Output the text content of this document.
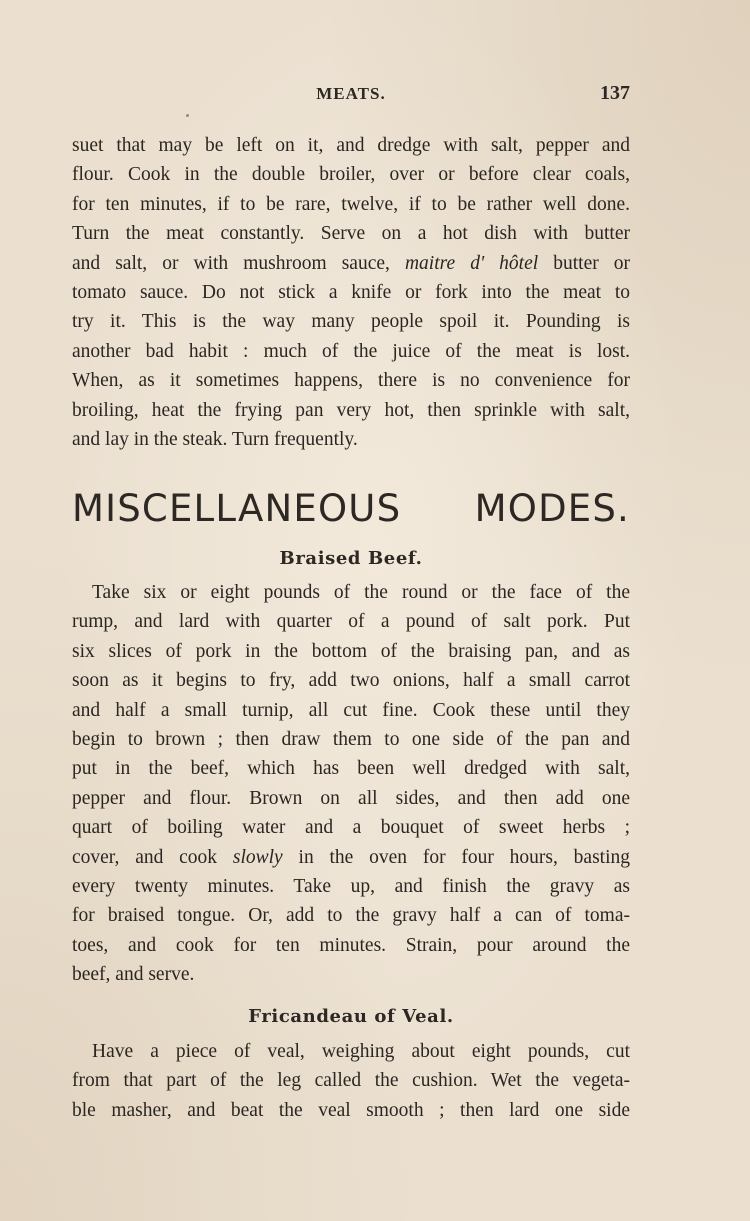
MEATS.	137
suet that may be left on it, and dredge with salt, pepper and
flour. Cook in the double broiler, over or before clear coals,
for ten minutes, if to be rare, twelve, if to be rather well done.
Turn the meat constantly. Serve on a hot dish with butter
and salt, or with mushroom sauce, maitre d' hôtel butter or
tomato sauce. Do not stick a knife or fork into the meat to
try it. This is the way many people spoil it. Pounding is
another bad habit : much of the juice of the meat is lost.
When, as it sometimes happens, there is no convenience for
broiling, heat the frying pan very hot, then sprinkle with salt,
and lay in the steak. Turn frequently.
MISCELLANEOUS MODES.
Braised Beef.
Take six or eight pounds of the round or the face of the
rump, and lard with quarter of a pound of salt pork. Put
six slices of pork in the bottom of the braising pan, and as
soon as it begins to fry, add two onions, half a small carrot
and half a small turnip, all cut fine. Cook these until they
begin to brown ; then draw them to one side of the pan and
put in the beef, which has been well dredged with salt,
pepper and flour. Brown on all sides, and then add one
quart of boiling water and a bouquet of sweet herbs ;
cover, and cook slowly in the oven for four hours, basting
every twenty minutes. Take up, and finish the gravy as
for braised tongue. Or, add to the gravy half a can of toma-
toes, and cook for ten minutes. Strain, pour around the
beef, and serve.
Fricandeau of Veal.
Have a piece of veal, weighing about eight pounds, cut
from that part of the leg called the cushion. Wet the vegeta-
ble masher, and beat the veal smooth ; then lard one side
